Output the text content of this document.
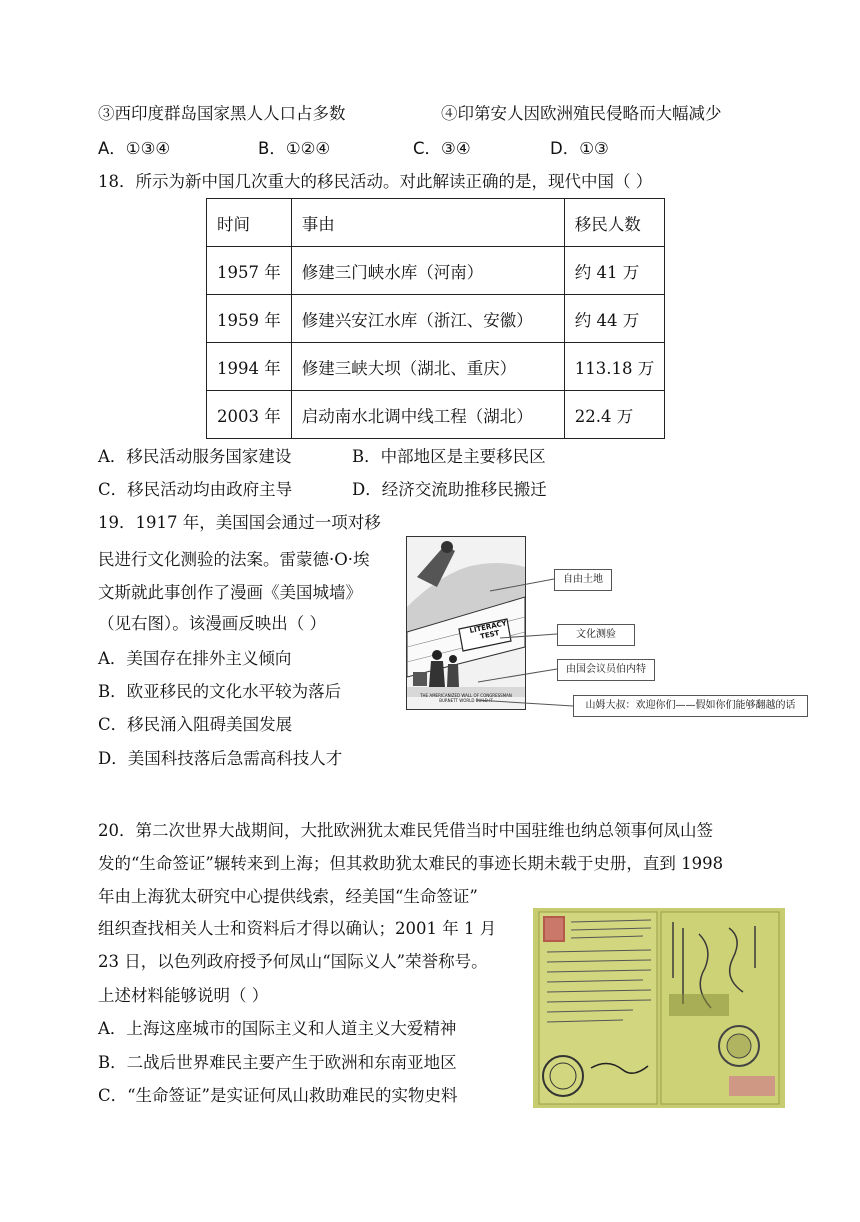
③西印度群岛国家黑人人口占多数	④印第安人因欧洲殖民侵略而大幅减少
A．①③④	B．①②④	C．③④	D．①③
18．所示为新中国几次重大的移民活动。对此解读正确的是，现代中国（ ）
时间	事由	移民人数
1957 年	修建三门峡水库（河南）	约 41 万
1959 年	修建兴安江水库（浙江、安徽）	约 44 万
1994 年	修建三峡大坝（湖北、重庆）	113.18 万
2003 年	启动南水北调中线工程（湖北）	22.4 万
A．移民活动服务国家建设	B．中部地区是主要移民区
C．移民活动均由政府主导	D．经济交流助推移民搬迁
19．1917 年，美国国会通过一项对移
民进行文化测验的法案。雷蒙德·O·埃
文斯就此事创作了漫画《美国城墙》
（见右图）。该漫画反映出（ ）
A．美国存在排外主义倾向
B．欧亚移民的文化水平较为落后
C．移民涌入阻碍美国发展
D．美国科技落后急需高科技人才
LITERACY TEST
THE AMERICANIZED WALL OF CONGRESSMAN BURNETT WORLD BUILD IT
自由土地
文化测验
由国会议员伯内特
山姆大叔：欢迎你们——假如你们能够翻越的话
20．第二次世界大战期间，大批欧洲犹太难民凭借当时中国驻维也纳总领事何凤山签
发的“生命签证”辗转来到上海；但其救助犹太难民的事迹长期未载于史册，直到 1998
年由上海犹太研究中心提供线索，经美国“生命签证”
组织查找相关人士和资料后才得以确认；2001 年 1 月
23 日，以色列政府授予何凤山“国际义人”荣誉称号。
上述材料能够说明（ ）
A．上海这座城市的国际主义和人道主义大爱精神
B．二战后世界难民主要产生于欧洲和东南亚地区
C．“生命签证”是实证何凤山救助难民的实物史料
